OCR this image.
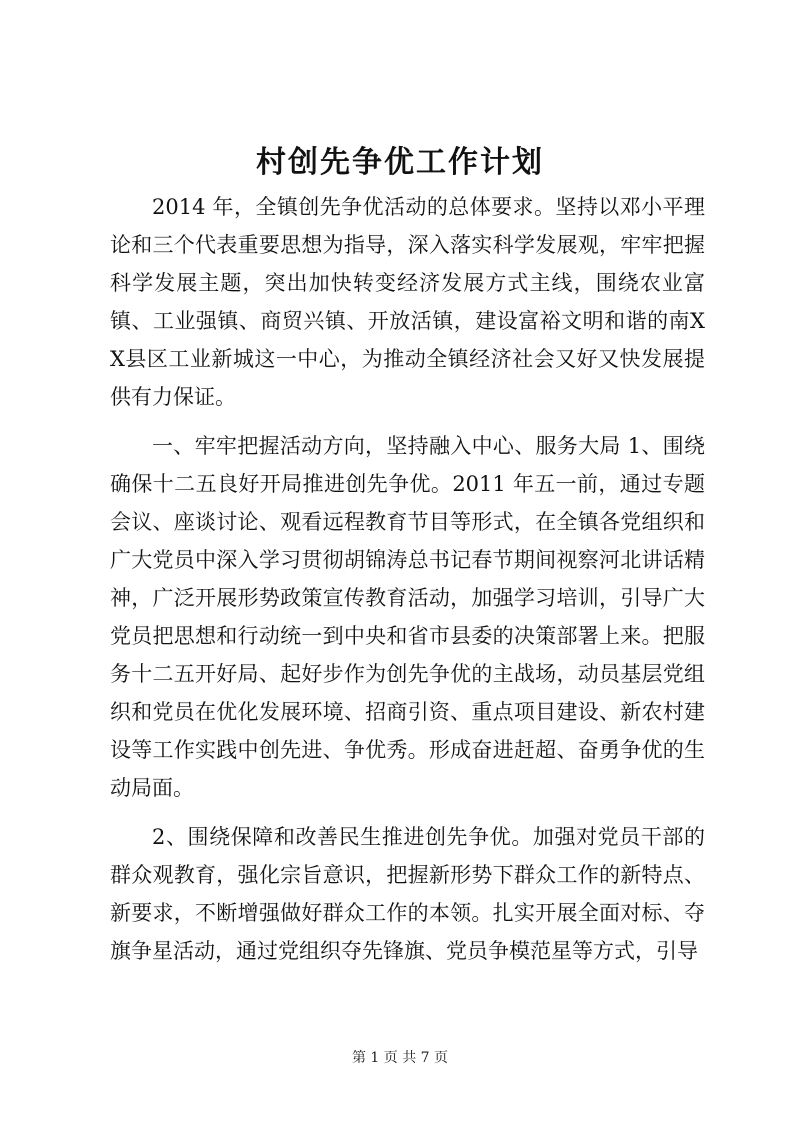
村创先争优工作计划

2014 年，全镇创先争优活动的总体要求。坚持以邓小平理论和三个代表重要思想为指导，深入落实科学发展观，牢牢把握科学发展主题，突出加快转变经济发展方式主线，围绕农业富镇、工业强镇、商贸兴镇、开放活镇，建设富裕文明和谐的南XX县区工业新城这一中心，为推动全镇经济社会又好又快发展提供有力保证。

一、牢牢把握活动方向，坚持融入中心、服务大局 1、围绕确保十二五良好开局推进创先争优。2011 年五一前，通过专题会议、座谈讨论、观看远程教育节目等形式，在全镇各党组织和广大党员中深入学习贯彻胡锦涛总书记春节期间视察河北讲话精神，广泛开展形势政策宣传教育活动，加强学习培训，引导广大党员把思想和行动统一到中央和省市县委的决策部署上来。把服务十二五开好局、起好步作为创先争优的主战场，动员基层党组织和党员在优化发展环境、招商引资、重点项目建设、新农村建设等工作实践中创先进、争优秀。形成奋进赶超、奋勇争优的生动局面。

2、围绕保障和改善民生推进创先争优。加强对党员干部的群众观教育，强化宗旨意识，把握新形势下群众工作的新特点、新要求，不断增强做好群众工作的本领。扎实开展全面对标、夺旗争星活动，通过党组织夺先锋旗、党员争模范星等方式，引导

第 1 页 共 7 页
